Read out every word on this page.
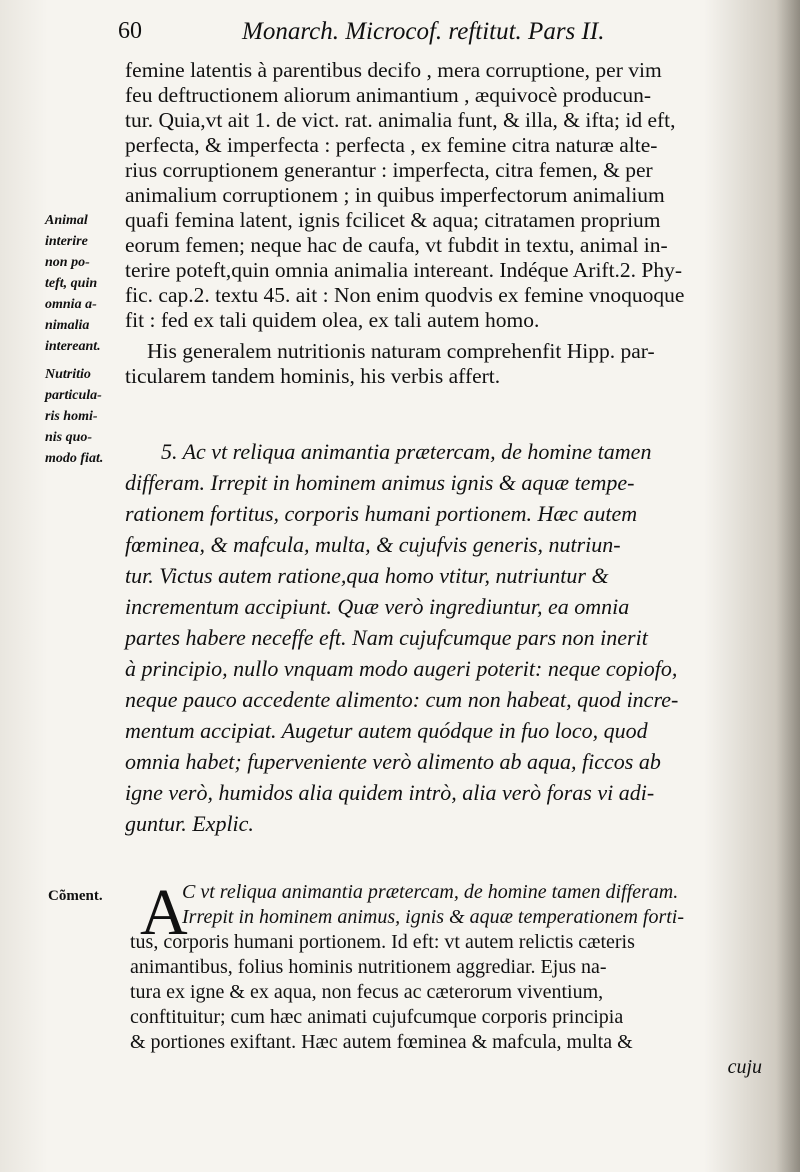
60	Monarch. Microcof. reftitut. Pars II.
femine latentis à parentibus decifo , mera corruptione, per vim
feu deftructionem aliorum animantium , æquivocè producun-
tur. Quia,vt ait 1. de vict. rat. animalia funt, & illa, & ifta; id eft,
perfecta, & imperfecta : perfecta , ex femine citra naturæ alte-
rius corruptionem generantur : imperfecta, citra femen, & per
animalium corruptionem ; in quibus imperfectorum animalium
quafi femina latent, ignis fcilicet & aqua; citratamen proprium
eorum femen; neque hac de caufa, vt fubdit in textu, animal in-
terire poteft,quin omnia animalia intereant. Indéque Arift.2. Phy-
fic. cap.2. textu 45. ait : Non enim quodvis ex femine vnoquoque
fit : fed ex tali quidem olea, ex tali autem homo.
His generalem nutritionis naturam comprehenfit Hipp. par-
ticularem tandem hominis, his verbis affert.
5. Ac vt reliqua animantia prætercam, de homine tamen
differam. Irrepit in hominem animus ignis & aquæ tempe-
rationem fortitus, corporis humani portionem. Hæc autem
fœminea, & mafcula, multa, & cujufvis generis, nutriun-
tur. Victus autem ratione,qua homo vtitur, nutriuntur &
incrementum accipiunt. Quæ verò ingrediuntur, ea omnia
partes habere neceffe eft. Nam cujufcumque pars non inerit
à principio, nullo vnquam modo augeri poterit: neque copiofo,
neque pauco accedente alimento: cum non habeat, quod incre-
mentum accipiat. Augetur autem quódque in fuo loco, quod
omnia habet; fuperveniente verò alimento ab aqua, ficcos ab
igne verò, humidos alia quidem intrò, alia verò foras vi adi-
guntur. Explic.
Animal
interire
non po-
teft, quin
omnia a-
nimalia
intereant.
Nutritio
particula-
ris homi-
nis quo-
modo fiat.
Cõment. A
C vt reliqua animantia prætercam, de homine tamen differam.
Irrepit in hominem animus, ignis & aquæ temperationem forti-
tus, corporis humani portionem. Id eft: vt autem relictis cæteris
animantibus, folius hominis nutritionem aggrediar. Ejus na-
tura ex igne & ex aqua, non fecus ac cæterorum viventium,
conftituitur; cum hæc animati cujufcumque corporis principia
& portiones exiftant. Hæc autem fœminea & mafcula, multa &
cuju
